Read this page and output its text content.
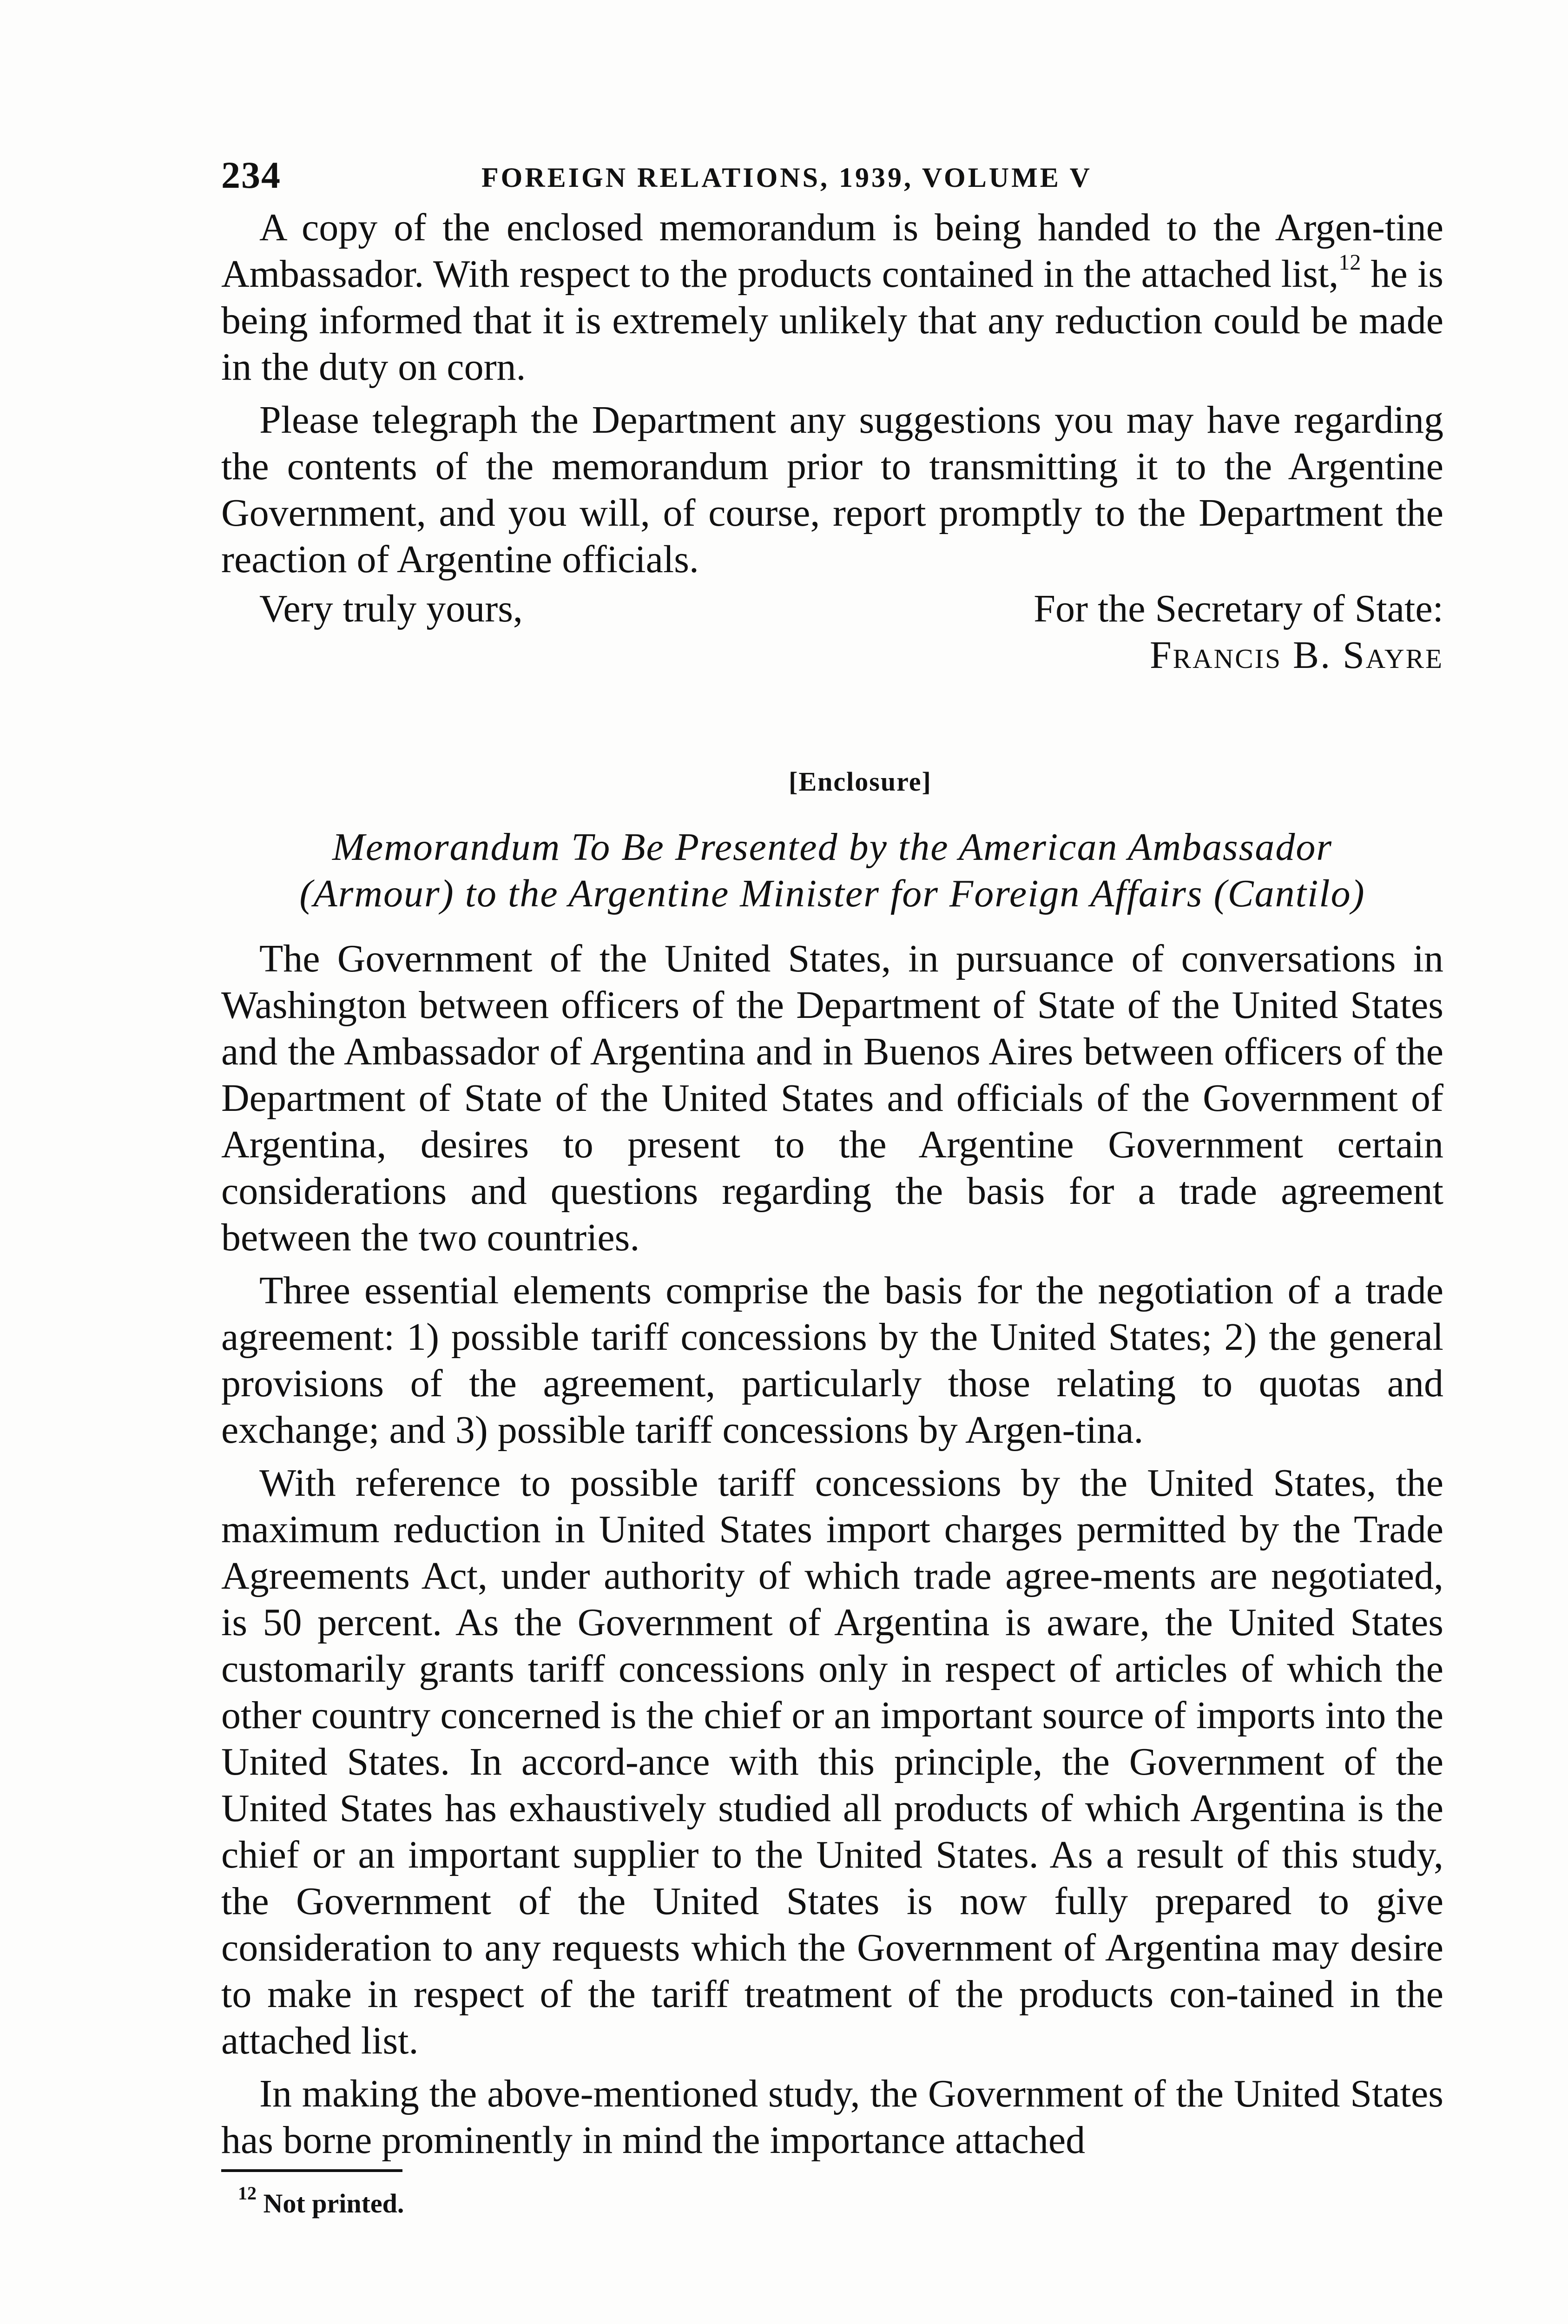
234	FOREIGN RELATIONS, 1939, VOLUME V

A copy of the enclosed memorandum is being handed to the Argen-tine Ambassador. With respect to the products contained in the attached list,$^{12}$ he is being informed that it is extremely unlikely that any reduction could be made in the duty on corn.

Please telegraph the Department any suggestions you may have regarding the contents of the memorandum prior to transmitting it to the Argentine Government, and you will, of course, report promptly to the Department the reaction of Argentine officials.

Very truly yours,	For the Secretary of State:
Francis B. Sayre
[Enclosure]
Memorandum To Be Presented by the American Ambassador
(Armour) to the Argentine Minister for Foreign Affairs (Cantilo)

The Government of the United States, in pursuance of conversations in Washington between officers of the Department of State of the United States and the Ambassador of Argentina and in Buenos Aires between officers of the Department of State of the United States and officials of the Government of Argentina, desires to present to the Argentine Government certain considerations and questions regarding the basis for a trade agreement between the two countries.

Three essential elements comprise the basis for the negotiation of a trade agreement: 1) possible tariff concessions by the United States; 2) the general provisions of the agreement, particularly those relating to quotas and exchange; and 3) possible tariff concessions by Argen-tina.

With reference to possible tariff concessions by the United States, the maximum reduction in United States import charges permitted by the Trade Agreements Act, under authority of which trade agree-ments are negotiated, is 50 percent. As the Government of Argentina is aware, the United States customarily grants tariff concessions only in respect of articles of which the other country concerned is the chief or an important source of imports into the United States. In accord-ance with this principle, the Government of the United States has exhaustively studied all products of which Argentina is the chief or an important supplier to the United States. As a result of this study, the Government of the United States is now fully prepared to give consideration to any requests which the Government of Argentina may desire to make in respect of the tariff treatment of the products con-tained in the attached list.

In making the above-mentioned study, the Government of the United States has borne prominently in mind the importance attached

$^{12}$ Not printed.
